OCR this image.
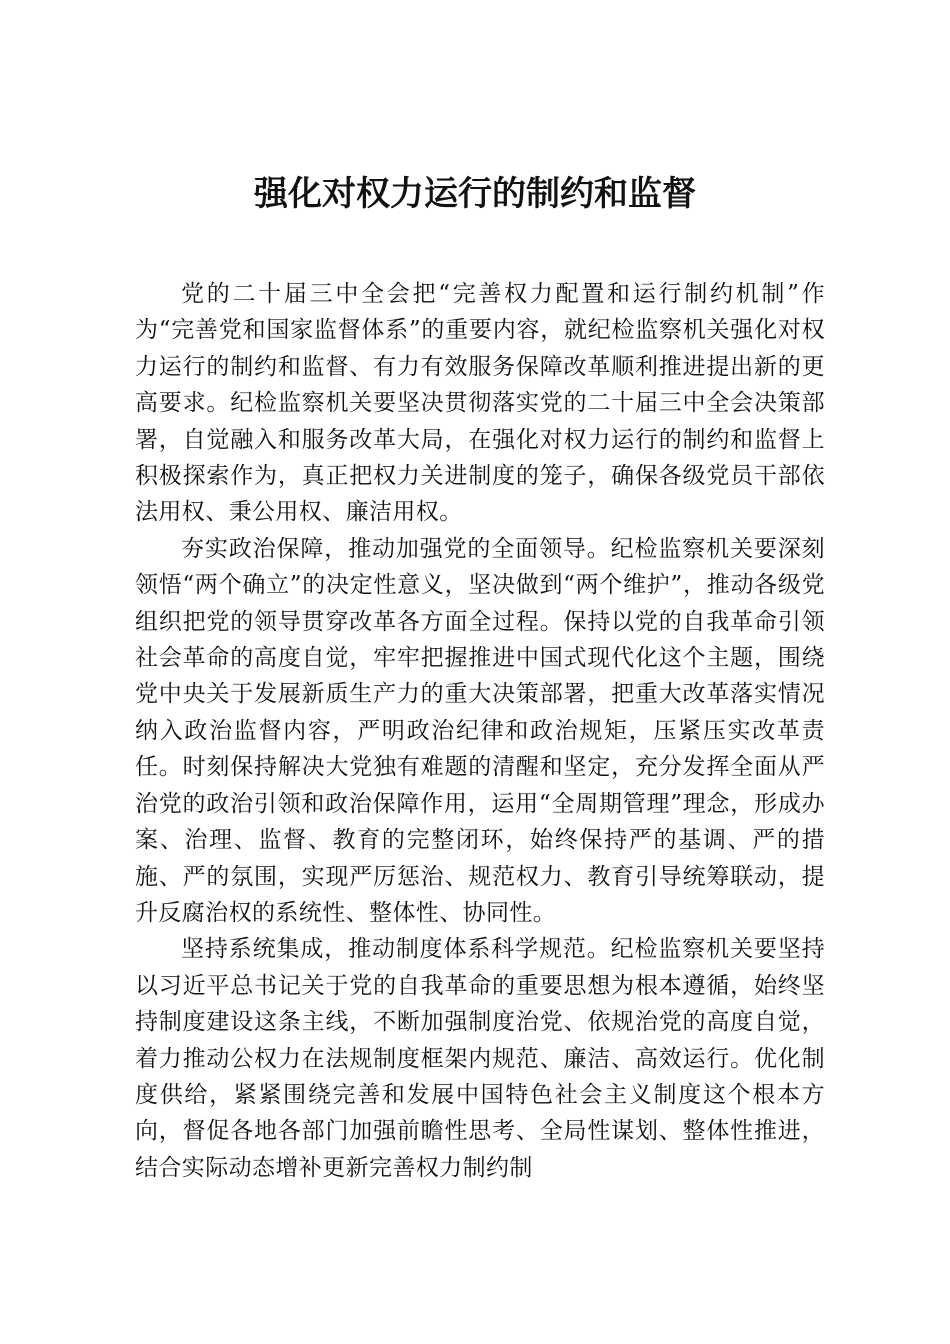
强化对权力运行的制约和监督

党的二十届三中全会把“完善权力配置和运行制约机制”作为“完善党和国家监督体系”的重要内容，就纪检监察机关强化对权力运行的制约和监督、有力有效服务保障改革顺利推进提出新的更高要求。纪检监察机关要坚决贯彻落实党的二十届三中全会决策部署，自觉融入和服务改革大局，在强化对权力运行的制约和监督上积极探索作为，真正把权力关进制度的笼子，确保各级党员干部依法用权、秉公用权、廉洁用权。

夯实政治保障，推动加强党的全面领导。纪检监察机关要深刻领悟“两个确立”的决定性意义，坚决做到“两个维护”，推动各级党组织把党的领导贯穿改革各方面全过程。保持以党的自我革命引领社会革命的高度自觉，牢牢把握推进中国式现代化这个主题，围绕党中央关于发展新质生产力的重大决策部署，把重大改革落实情况纳入政治监督内容，严明政治纪律和政治规矩，压紧压实改革责任。时刻保持解决大党独有难题的清醒和坚定，充分发挥全面从严治党的政治引领和政治保障作用，运用“全周期管理”理念，形成办案、治理、监督、教育的完整闭环，始终保持严的基调、严的措施、严的氛围，实现严厉惩治、规范权力、教育引导统筹联动，提升反腐治权的系统性、整体性、协同性。

坚持系统集成，推动制度体系科学规范。纪检监察机关要坚持以习近平总书记关于党的自我革命的重要思想为根本遵循，始终坚持制度建设这条主线，不断加强制度治党、依规治党的高度自觉，着力推动公权力在法规制度框架内规范、廉洁、高效运行。优化制度供给，紧紧围绕完善和发展中国特色社会主义制度这个根本方向，督促各地各部门加强前瞻性思考、全局性谋划、整体性推进，结合实际动态增补更新完善权力制约制
